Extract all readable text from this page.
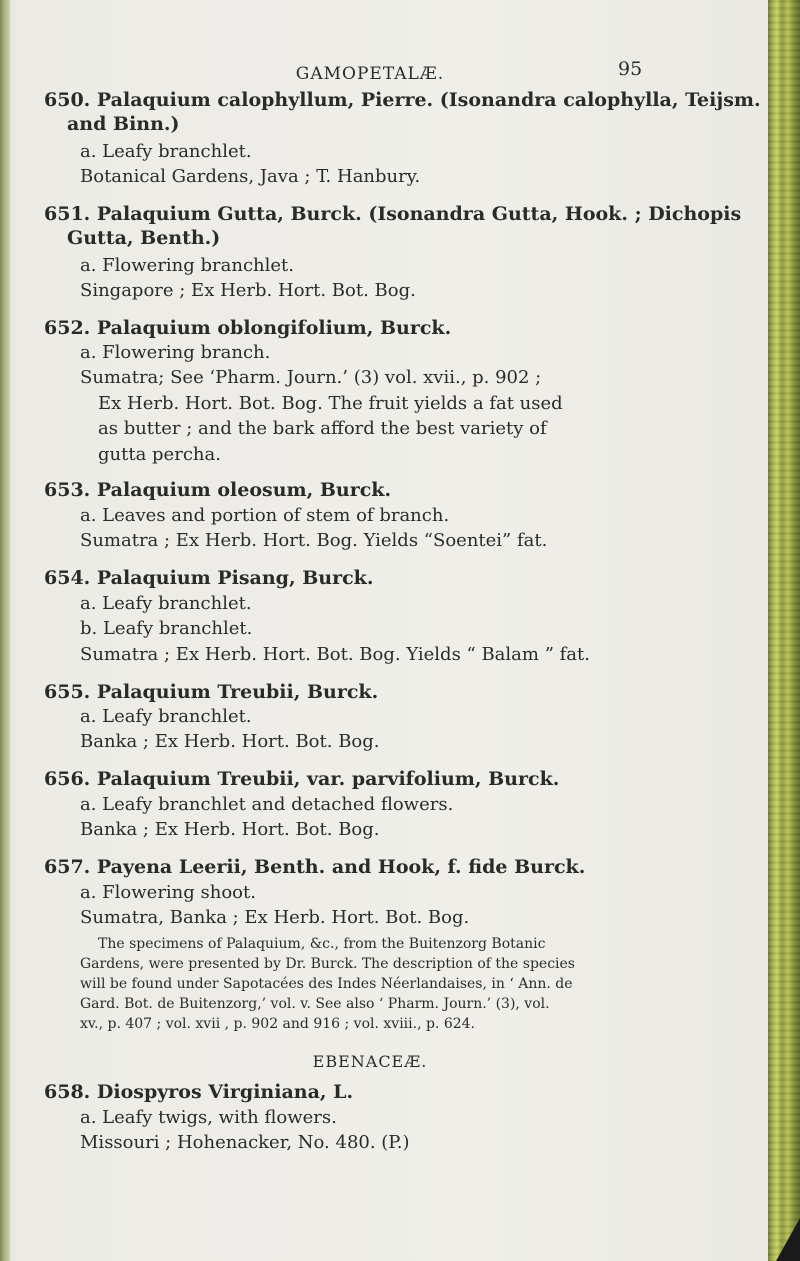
GAMOPETALÆ.	95
650. Palaquium calophyllum, Pierre. (Isonandra calophylla, Teijsm.
and Binn.)
a. Leafy branchlet.
Botanical Gardens, Java ; T. Hanbury.
651. Palaquium Gutta, Burck. (Isonandra Gutta, Hook. ; Dichopis
Gutta, Benth.)
a. Flowering branchlet.
Singapore ; Ex Herb. Hort. Bot. Bog.
652. Palaquium oblongifolium, Burck.
a. Flowering branch.
Sumatra; See ‘Pharm. Journ.’ (3) vol. xvii., p. 902 ;
Ex Herb. Hort. Bot. Bog. The fruit yields a fat used
as butter ; and the bark afford the best variety of
gutta percha.
653. Palaquium oleosum, Burck.
a. Leaves and portion of stem of branch.
Sumatra ; Ex Herb. Hort. Bog. Yields “Soentei” fat.
654. Palaquium Pisang, Burck.
a. Leafy branchlet.
b. Leafy branchlet.
Sumatra ; Ex Herb. Hort. Bot. Bog. Yields “ Balam ” fat.
655. Palaquium Treubii, Burck.
a. Leafy branchlet.
Banka ; Ex Herb. Hort. Bot. Bog.
656. Palaquium Treubii, var. parvifolium, Burck.
a. Leafy branchlet and detached flowers.
Banka ; Ex Herb. Hort. Bot. Bog.
657. Payena Leerii, Benth. and Hook, f. fide Burck.
a. Flowering shoot.
Sumatra, Banka ; Ex Herb. Hort. Bot. Bog.
The specimens of Palaquium, &c., from the Buitenzorg Botanic
Gardens, were presented by Dr. Burck. The description of the species
will be found under Sapotacées des Indes Néerlandaises, in ‘ Ann. de
Gard. Bot. de Buitenzorg,’ vol. v. See also ‘ Pharm. Journ.’ (3), vol.
xv., p. 407 ; vol. xvii , p. 902 and 916 ; vol. xviii., p. 624.
EBENACEÆ.
658. Diospyros Virginiana, L.
a. Leafy twigs, with flowers.
Missouri ; Hohenacker, No. 480. (P.)
